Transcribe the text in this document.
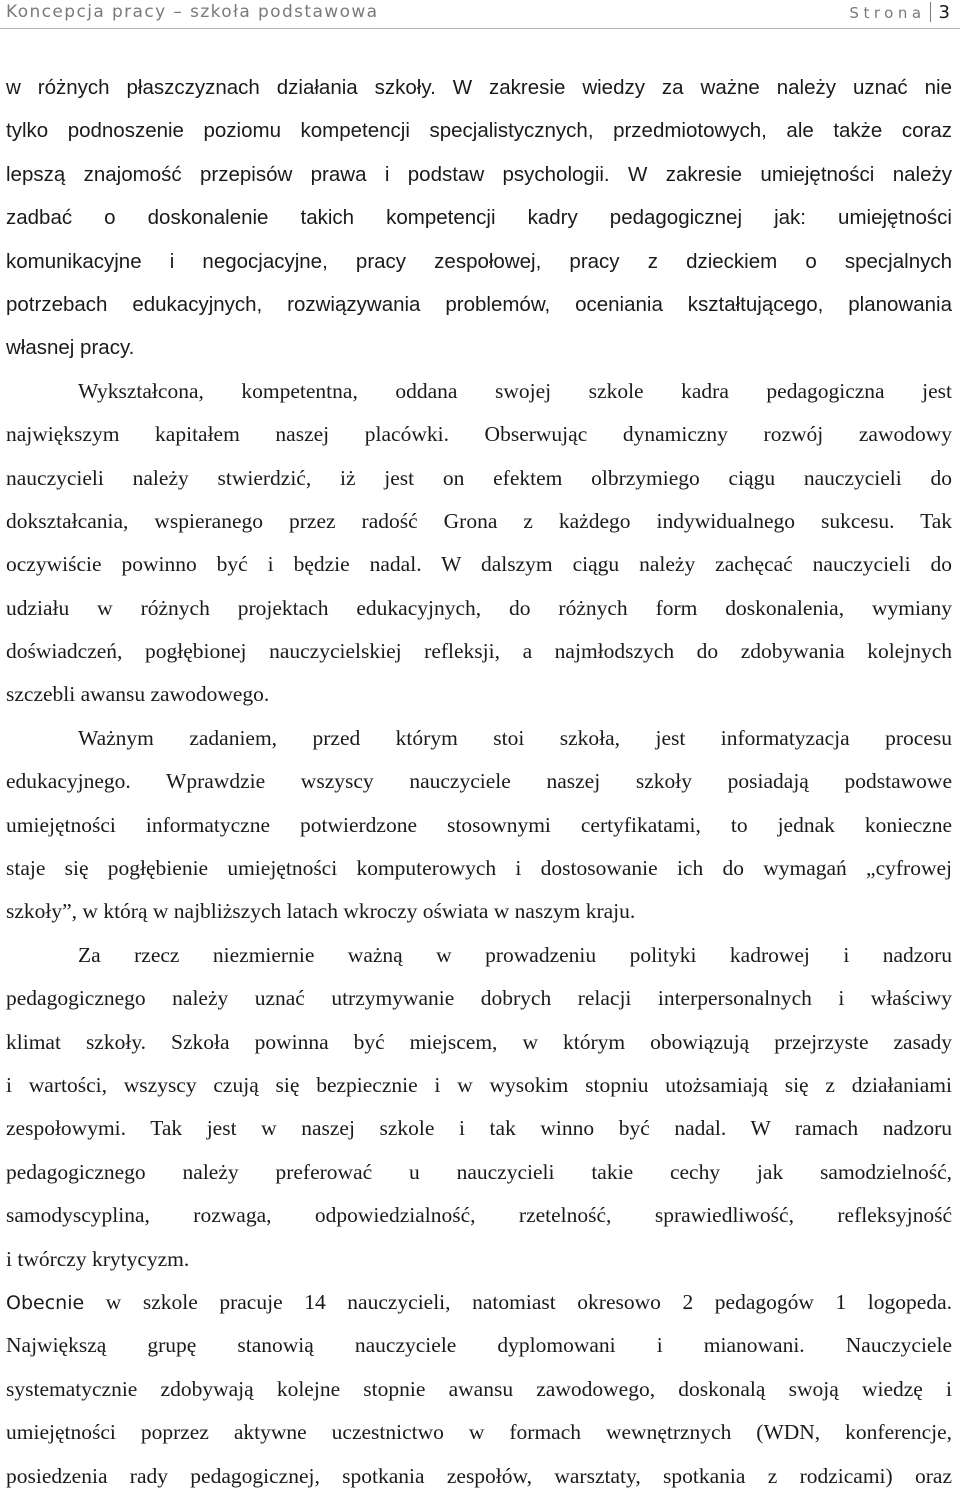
Koncepcja pracy – szkoła podstawowa	Strona 3
w różnych płaszczyznach działania szkoły. W zakresie wiedzy za ważne należy uznać nie
tylko podnoszenie poziomu kompetencji specjalistycznych, przedmiotowych, ale także coraz
lepszą znajomość przepisów prawa i podstaw psychologii. W zakresie umiejętności należy
zadbać o doskonalenie takich kompetencji kadry pedagogicznej jak: umiejętności
komunikacyjne i negocjacyjne, pracy zespołowej, pracy z dzieckiem o specjalnych
potrzebach edukacyjnych, rozwiązywania problemów, oceniania kształtującego, planowania
własnej pracy.
Wykształcona, kompetentna, oddana swojej szkole kadra pedagogiczna jest
największym kapitałem naszej placówki. Obserwując dynamiczny rozwój zawodowy
nauczycieli należy stwierdzić, iż jest on efektem olbrzymiego ciągu nauczycieli do
dokształcania, wspieranego przez radość Grona z każdego indywidualnego sukcesu. Tak
oczywiście powinno być i będzie nadal. W dalszym ciągu należy zachęcać nauczycieli do
udziału w różnych projektach edukacyjnych, do różnych form doskonalenia, wymiany
doświadczeń, pogłębionej nauczycielskiej refleksji, a najmłodszych do zdobywania kolejnych
szczebli awansu zawodowego.
Ważnym zadaniem, przed którym stoi szkoła, jest informatyzacja procesu
edukacyjnego. Wprawdzie wszyscy nauczyciele naszej szkoły posiadają podstawowe
umiejętności informatyczne potwierdzone stosownymi certyfikatami, to jednak konieczne
staje się pogłębienie umiejętności komputerowych i dostosowanie ich do wymagań „cyfrowej
szkoły”, w którą w najbliższych latach wkroczy oświata w naszym kraju.
Za rzecz niezmiernie ważną w prowadzeniu polityki kadrowej i nadzoru
pedagogicznego należy uznać utrzymywanie dobrych relacji interpersonalnych i właściwy
klimat szkoły. Szkoła powinna być miejscem, w którym obowiązują przejrzyste zasady
i wartości, wszyscy czują się bezpiecznie i w wysokim stopniu utożsamiają się z działaniami
zespołowymi. Tak jest w naszej szkole i tak winno być nadal. W ramach nadzoru
pedagogicznego należy preferować u nauczycieli takie cechy jak samodzielność,
samodyscyplina, rozwaga, odpowiedzialność, rzetelność, sprawiedliwość, refleksyjność
i twórczy krytycyzm.
Obecnie w szkole pracuje 14 nauczycieli, natomiast okresowo 2 pedagogów 1 logopeda.
Największą grupę stanowią nauczyciele dyplomowani i mianowani. Nauczyciele
systematycznie zdobywają kolejne stopnie awansu zawodowego, doskonalą swoją wiedzę i
umiejętności poprzez aktywne uczestnictwo w formach wewnętrznych (WDN, konferencje,
posiedzenia rady pedagogicznej, spotkania zespołów, warsztaty, spotkania z rodzicami) oraz
